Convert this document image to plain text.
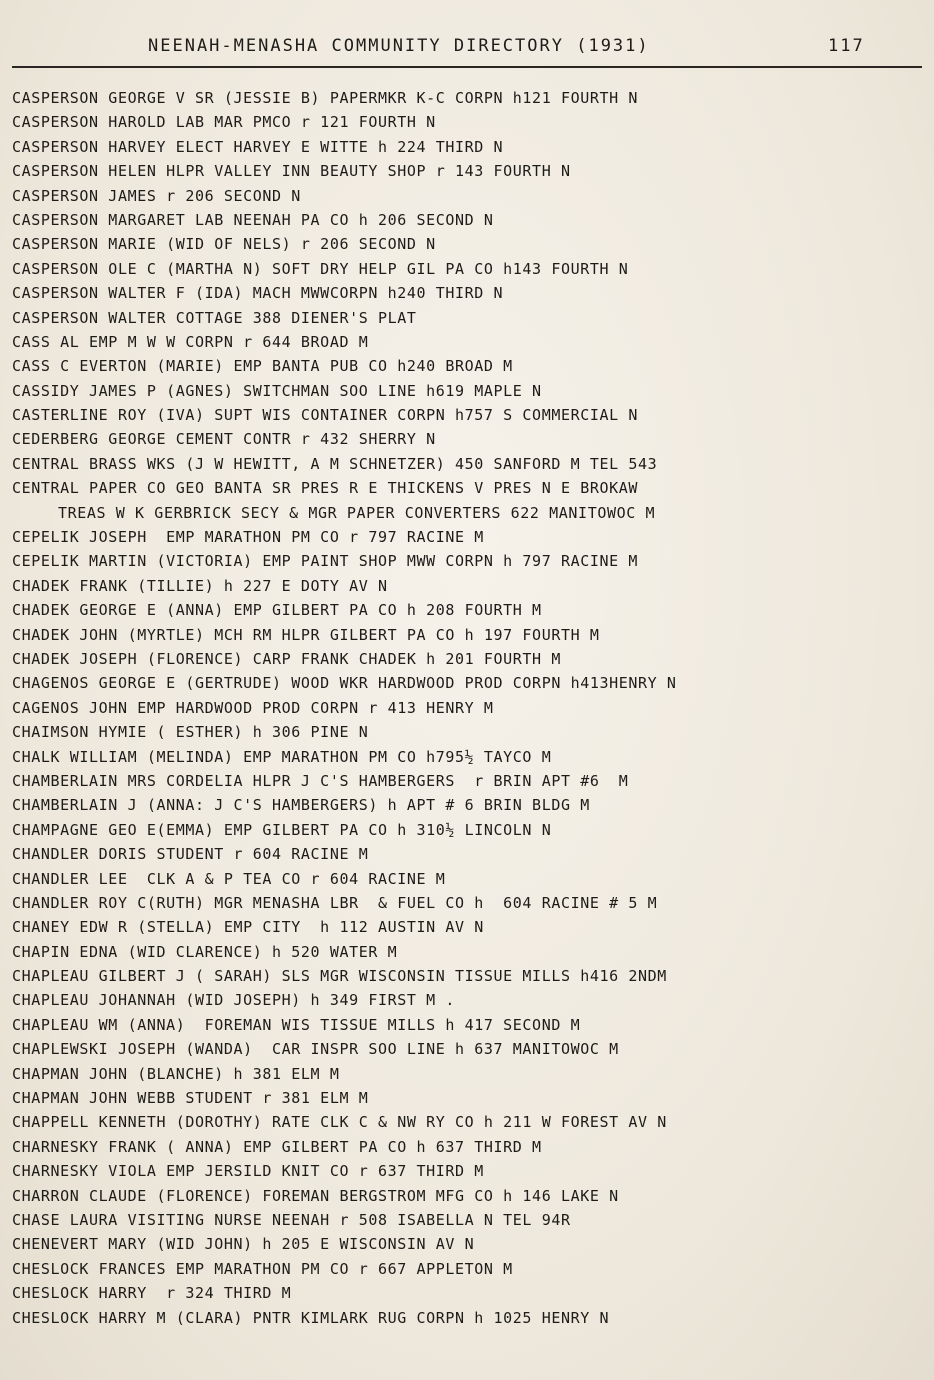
NEENAH-MENASHA COMMUNITY DIRECTORY (1931)	117
CASPERSON GEORGE V SR (JESSIE B) PAPERMKR K-C CORPN h121 FOURTH N
CASPERSON HAROLD LAB MAR PMCO r 121 FOURTH N
CASPERSON HARVEY ELECT HARVEY E WITTE h 224 THIRD N
CASPERSON HELEN HLPR VALLEY INN BEAUTY SHOP r 143 FOURTH N
CASPERSON JAMES r 206 SECOND N
CASPERSON MARGARET LAB NEENAH PA CO h 206 SECOND N
CASPERSON MARIE (WID OF NELS) r 206 SECOND N
CASPERSON OLE C (MARTHA N) SOFT DRY HELP GIL PA CO h143 FOURTH N
CASPERSON WALTER F (IDA) MACH MWWCORPN h240 THIRD N
CASPERSON WALTER COTTAGE 388 DIENER'S PLAT
CASS AL EMP M W W CORPN r 644 BROAD M
CASS C EVERTON (MARIE) EMP BANTA PUB CO h240 BROAD M
CASSIDY JAMES P (AGNES) SWITCHMAN SOO LINE h619 MAPLE N
CASTERLINE ROY (IVA) SUPT WIS CONTAINER CORPN h757 S COMMERCIAL N
CEDERBERG GEORGE CEMENT CONTR r 432 SHERRY N
CENTRAL BRASS WKS (J W HEWITT, A M SCHNETZER) 450 SANFORD M TEL 543
CENTRAL PAPER CO GEO BANTA SR PRES R E THICKENS V PRES N E BROKAW
TREAS W K GERBRICK SECY & MGR PAPER CONVERTERS 622 MANITOWOC M
CEPELIK JOSEPH  EMP MARATHON PM CO r 797 RACINE M
CEPELIK MARTIN (VICTORIA) EMP PAINT SHOP MWW CORPN h 797 RACINE M
CHADEK FRANK (TILLIE) h 227 E DOTY AV N
CHADEK GEORGE E (ANNA) EMP GILBERT PA CO h 208 FOURTH M
CHADEK JOHN (MYRTLE) MCH RM HLPR GILBERT PA CO h 197 FOURTH M
CHADEK JOSEPH (FLORENCE) CARP FRANK CHADEK h 201 FOURTH M
CHAGENOS GEORGE E (GERTRUDE) WOOD WKR HARDWOOD PROD CORPN h413HENRY N
CAGENOS JOHN EMP HARDWOOD PROD CORPN r 413 HENRY M
CHAIMSON HYMIE ( ESTHER) h 306 PINE N
CHALK WILLIAM (MELINDA) EMP MARATHON PM CO h795½ TAYCO M
CHAMBERLAIN MRS CORDELIA HLPR J C'S HAMBERGERS  r BRIN APT #6  M
CHAMBERLAIN J (ANNA: J C'S HAMBERGERS) h APT # 6 BRIN BLDG M
CHAMPAGNE GEO E(EMMA) EMP GILBERT PA CO h 310½ LINCOLN N
CHANDLER DORIS STUDENT r 604 RACINE M
CHANDLER LEE  CLK A & P TEA CO r 604 RACINE M
CHANDLER ROY C(RUTH) MGR MENASHA LBR  & FUEL CO h  604 RACINE # 5 M
CHANEY EDW R (STELLA) EMP CITY  h 112 AUSTIN AV N
CHAPIN EDNA (WID CLARENCE) h 520 WATER M
CHAPLEAU GILBERT J ( SARAH) SLS MGR WISCONSIN TISSUE MILLS h416 2NDM
CHAPLEAU JOHANNAH (WID JOSEPH) h 349 FIRST M .
CHAPLEAU WM (ANNA)  FOREMAN WIS TISSUE MILLS h 417 SECOND M
CHAPLEWSKI JOSEPH (WANDA)  CAR INSPR SOO LINE h 637 MANITOWOC M
CHAPMAN JOHN (BLANCHE) h 381 ELM M
CHAPMAN JOHN WEBB STUDENT r 381 ELM M
CHAPPELL KENNETH (DOROTHY) RATE CLK C & NW RY CO h 211 W FOREST AV N
CHARNESKY FRANK ( ANNA) EMP GILBERT PA CO h 637 THIRD M
CHARNESKY VIOLA EMP JERSILD KNIT CO r 637 THIRD M
CHARRON CLAUDE (FLORENCE) FOREMAN BERGSTROM MFG CO h 146 LAKE N
CHASE LAURA VISITING NURSE NEENAH r 508 ISABELLA N TEL 94R
CHENEVERT MARY (WID JOHN) h 205 E WISCONSIN AV N
CHESLOCK FRANCES EMP MARATHON PM CO r 667 APPLETON M
CHESLOCK HARRY  r 324 THIRD M
CHESLOCK HARRY M (CLARA) PNTR KIMLARK RUG CORPN h 1025 HENRY N
